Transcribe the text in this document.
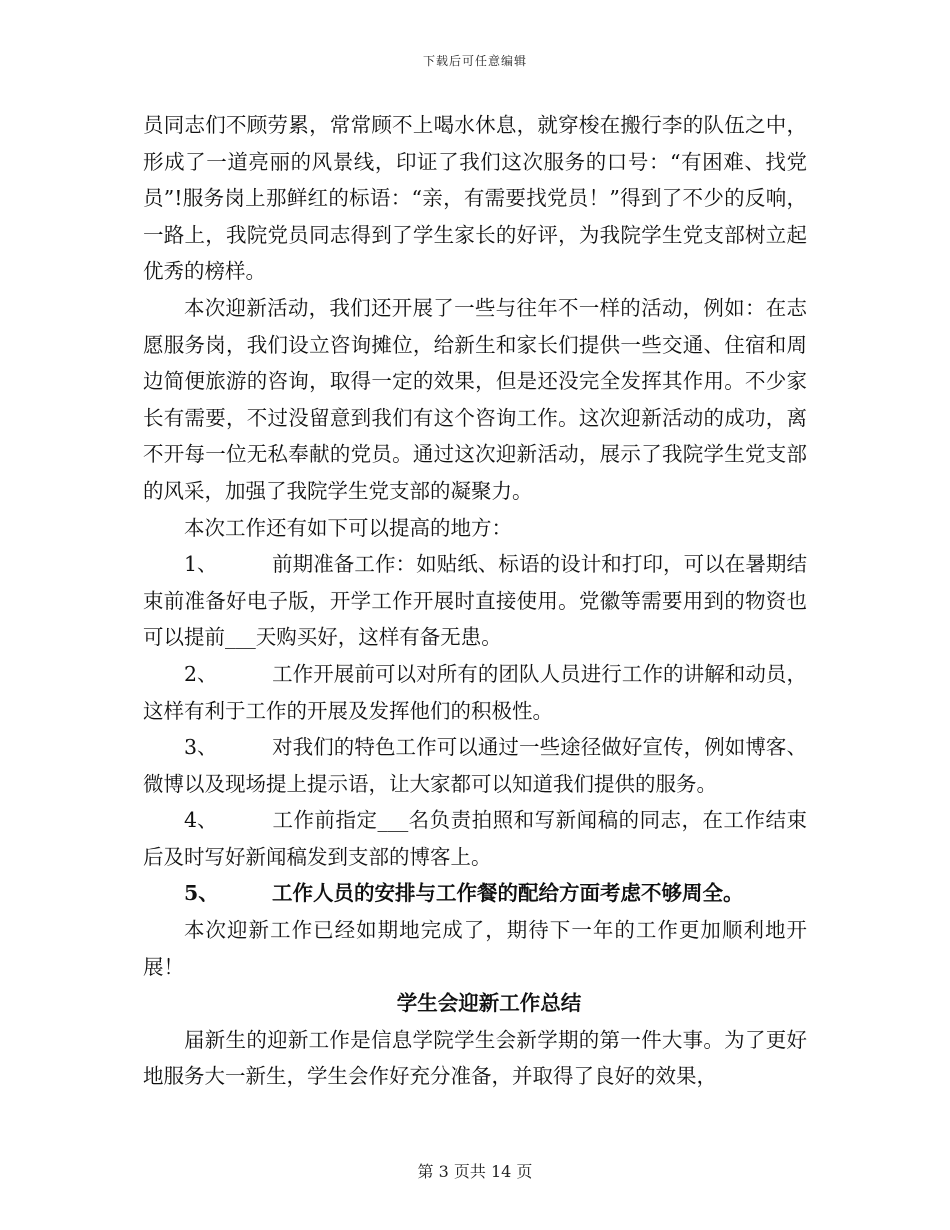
下载后可任意编辑

员同志们不顾劳累，常常顾不上喝水休息，就穿梭在搬行李的队伍之中，形成了一道亮丽的风景线，印证了我们这次服务的口号：“有困难、找党员”!服务岗上那鲜红的标语：“亲，有需要找党员！”得到了不少的反响，一路上，我院党员同志得到了学生家长的好评，为我院学生党支部树立起优秀的榜样。

本次迎新活动，我们还开展了一些与往年不一样的活动，例如：在志愿服务岗，我们设立咨询摊位，给新生和家长们提供一些交通、住宿和周边简便旅游的咨询，取得一定的效果，但是还没完全发挥其作用。不少家长有需要，不过没留意到我们有这个咨询工作。这次迎新活动的成功，离不开每一位无私奉献的党员。通过这次迎新活动，展示了我院学生党支部的风采，加强了我院学生党支部的凝聚力。

本次工作还有如下可以提高的地方：

1、	前期准备工作：如贴纸、标语的设计和打印，可以在暑期结束前准备好电子版，开学工作开展时直接使用。党徽等需要用到的物资也可以提前___天购买好，这样有备无患。

2、	工作开展前可以对所有的团队人员进行工作的讲解和动员，这样有利于工作的开展及发挥他们的积极性。

3、	对我们的特色工作可以通过一些途径做好宣传，例如博客、微博以及现场提上提示语，让大家都可以知道我们提供的服务。

4、	工作前指定___名负责拍照和写新闻稿的同志，在工作结束后及时写好新闻稿发到支部的博客上。

5、	工作人员的安排与工作餐的配给方面考虑不够周全。

本次迎新工作已经如期地完成了，期待下一年的工作更加顺利地开展！

学生会迎新工作总结

届新生的迎新工作是信息学院学生会新学期的第一件大事。为了更好地服务大一新生，学生会作好充分准备，并取得了良好的效果，

第 3 页共 14 页
